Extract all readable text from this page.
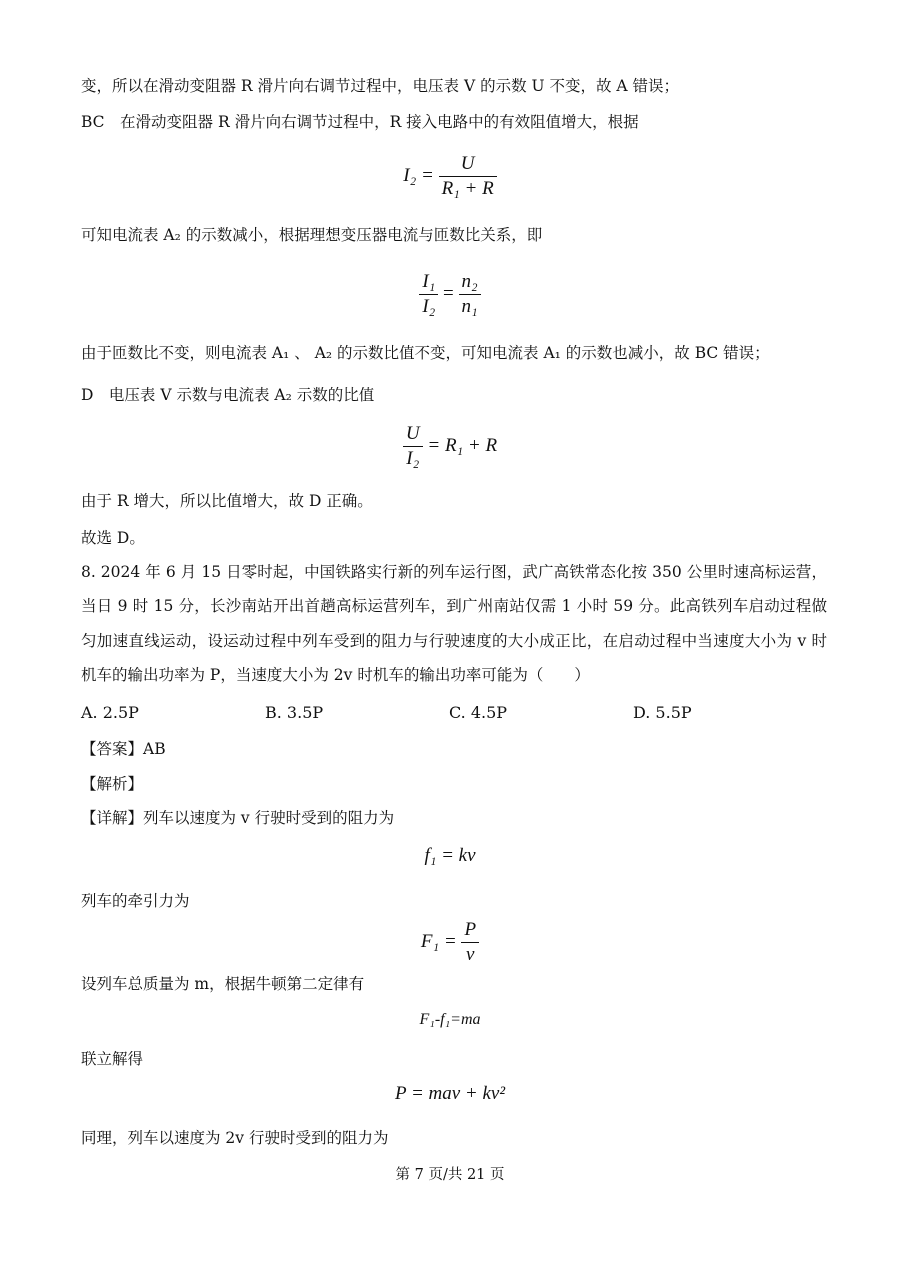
变，所以在滑动变阻器 R 滑片向右调节过程中，电压表 V 的示数 U 不变，故 A 错误；
BC　在滑动变阻器 R 滑片向右调节过程中，R 接入电路中的有效阻值增大，根据
$I_2 = \frac{U}{\text{R₁ + R}}$
可知电流表 A₂ 的示数减小，根据理想变压器电流与匝数比关系，即
$\frac{\text{I₁}}{\text{I₂}} = \frac{\text{n₂}}{\text{n₁}}$
由于匝数比不变，则电流表 A₁ 、 A₂ 的示数比值不变，可知电流表 A₁ 的示数也减小，故 BC 错误；
D　电压表 V 示数与电流表 A₂ 示数的比值
$\frac{U}{\text{I₂}} = R_1 + R$
由于 R 增大，所以比值增大，故 D 正确。
故选 D。
8. 2024 年 6 月 15 日零时起，中国铁路实行新的列车运行图，武广高铁常态化按 350 公里时速高标运营，当日 9 时 15 分，长沙南站开出首趟高标运营列车，到广州南站仅需 1 小时 59 分。此高铁列车启动过程做匀加速直线运动，设运动过程中列车受到的阻力与行驶速度的大小成正比，在启动过程中当速度大小为 v 时机车的输出功率为 P，当速度大小为 2v 时机车的输出功率可能为（　　）
A. 2.5P	B. 3.5P	C. 4.5P	D. 5.5P
【答案】AB
【解析】
【详解】列车以速度为 v 行驶时受到的阻力为
f₁ = kv
列车的牵引力为
$F_1 = \frac{P}{v}$
设列车总质量为 m，根据牛顿第二定律有
F₁-f₁=ma
联立解得
P = mav + kv²
同理，列车以速度为 2v 行驶时受到的阻力为
第 7 页/共 21 页
